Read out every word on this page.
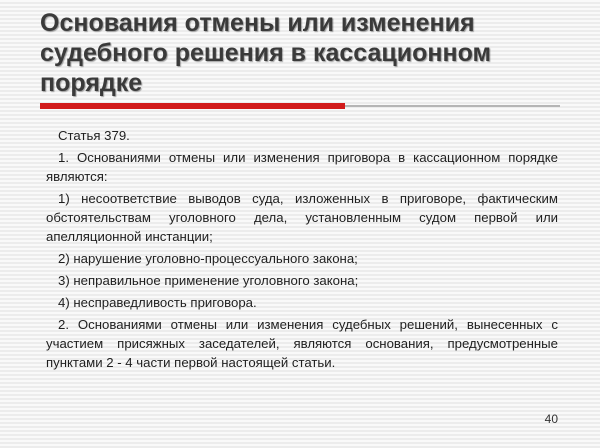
Основания отмены или изменения
судебного решения в кассационном
порядке

Статья 379.

1. Основаниями отмены или изменения приговора в кассационном порядке являются:

1) несоответствие выводов суда, изложенных в приговоре, фактическим обстоятельствам уголовного дела, установленным судом первой или апелляционной инстанции;

2) нарушение уголовно-процессуального закона;

3) неправильное применение уголовного закона;

4) несправедливость приговора.

2. Основаниями отмены или изменения судебных решений, вынесенных с участием присяжных заседателей, являются основания, предусмотренные пунктами 2 - 4 части первой настоящей статьи.

40
